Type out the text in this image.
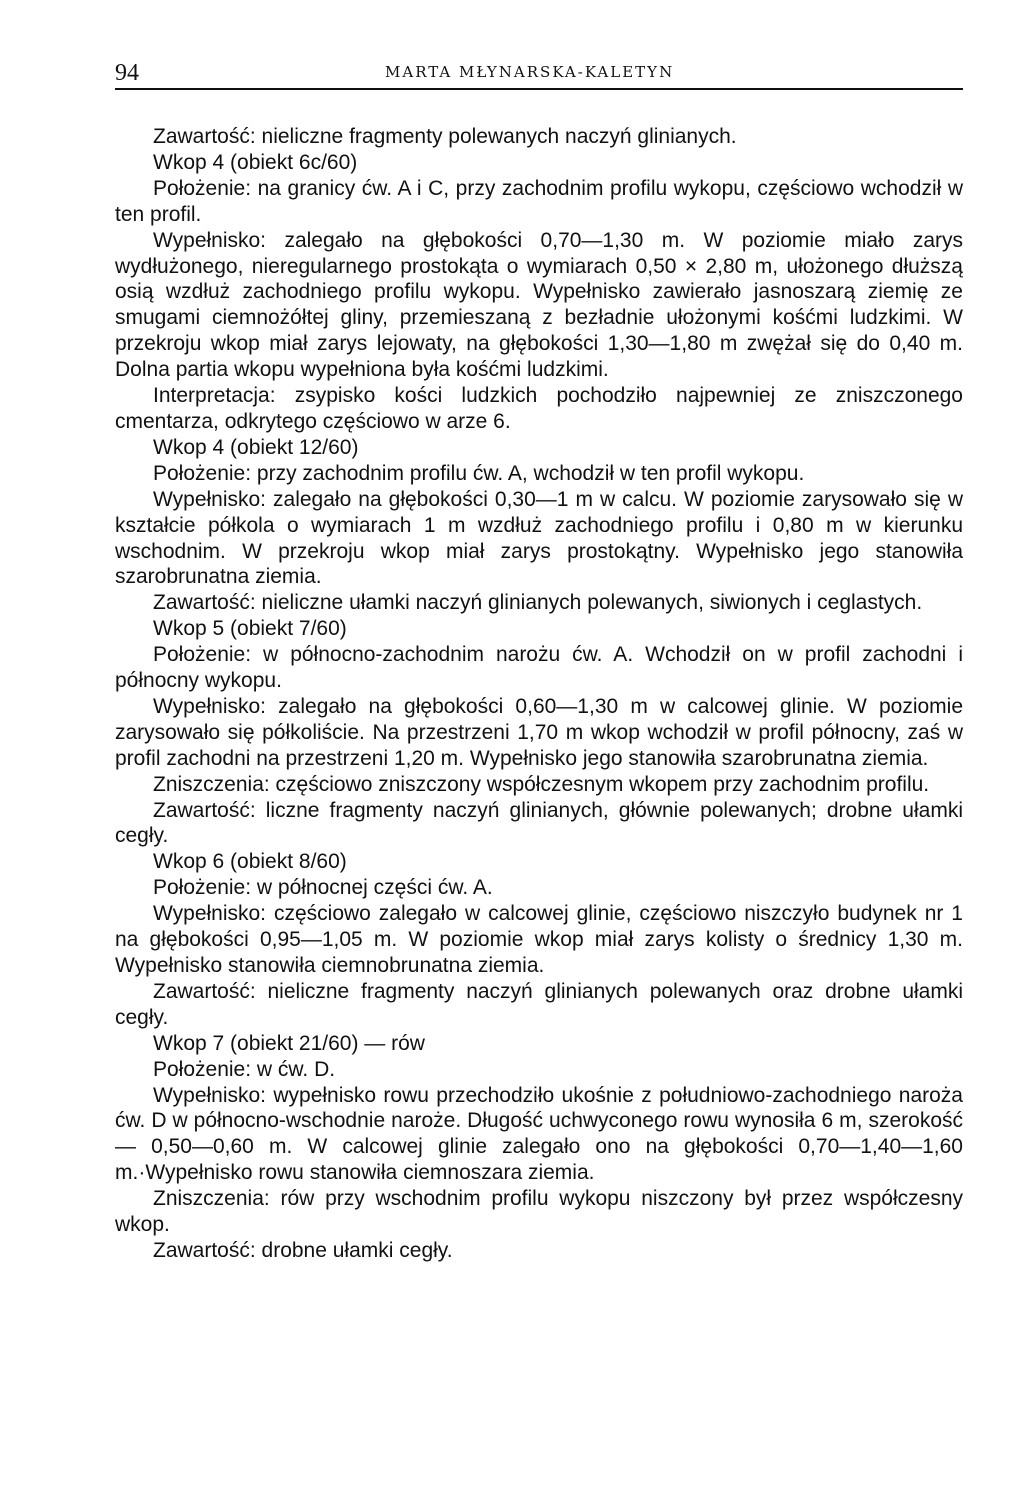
94	MARTA MŁYNARSKA-KALETYN

Zawartość: nieliczne fragmenty polewanych naczyń glinianych.

Wkop 4 (obiekt 6c/60)

Położenie: na granicy ćw. A i C, przy zachodnim profilu wykopu, częściowo wchodził w ten profil.

Wypełnisko: zalegało na głębokości 0,70—1,30 m. W poziomie miało zarys wydłużonego, nieregularnego prostokąta o wymiarach 0,50 × 2,80 m, ułożonego dłuższą osią wzdłuż zachodniego profilu wykopu. Wypełnisko zawierało jasnoszarą ziemię ze smugami ciemnożółtej gliny, przemieszaną z bezładnie ułożonymi kośćmi ludzkimi. W przekroju wkop miał zarys lejowaty, na głębokości 1,30—1,80 m zwężał się do 0,40 m. Dolna partia wkopu wypełniona była kośćmi ludzkimi.

Interpretacja: zsypisko kości ludzkich pochodziło najpewniej ze zniszczonego cmentarza, odkrytego częściowo w arze 6.

Wkop 4 (obiekt 12/60)

Położenie: przy zachodnim profilu ćw. A, wchodził w ten profil wykopu.

Wypełnisko: zalegało na głębokości 0,30—1 m w calcu. W poziomie zarysowało się w kształcie półkola o wymiarach 1 m wzdłuż zachodniego profilu i 0,80 m w kierunku wschodnim. W przekroju wkop miał zarys prostokątny. Wypełnisko jego stanowiła szarobrunatna ziemia.

Zawartość: nieliczne ułamki naczyń glinianych polewanych, siwionych i ceglastych.

Wkop 5 (obiekt 7/60)

Położenie: w północno-zachodnim narożu ćw. A. Wchodził on w profil zachodni i północny wykopu.

Wypełnisko: zalegało na głębokości 0,60—1,30 m w calcowej glinie. W poziomie zarysowało się półkoliście. Na przestrzeni 1,70 m wkop wchodził w profil północny, zaś w profil zachodni na przestrzeni 1,20 m. Wypełnisko jego stanowiła szarobrunatna ziemia.

Zniszczenia: częściowo zniszczony współczesnym wkopem przy zachodnim profilu.

Zawartość: liczne fragmenty naczyń glinianych, głównie polewanych; drobne ułamki cegły.

Wkop 6 (obiekt 8/60)

Położenie: w północnej części ćw. A.

Wypełnisko: częściowo zalegało w calcowej glinie, częściowo niszczyło budynek nr 1 na głębokości 0,95—1,05 m. W poziomie wkop miał zarys kolisty o średnicy 1,30 m. Wypełnisko stanowiła ciemnobrunatna ziemia.

Zawartość: nieliczne fragmenty naczyń glinianych polewanych oraz drobne ułamki cegły.

Wkop 7 (obiekt 21/60) — rów

Położenie: w ćw. D.

Wypełnisko: wypełnisko rowu przechodziło ukośnie z południowo-zachodniego naroża ćw. D w północno-wschodnie naroże. Długość uchwyconego rowu wynosiła 6 m, szerokość — 0,50—0,60 m. W calcowej glinie zalegało ono na głębokości 0,70—1,40—1,60 m.·Wypełnisko rowu stanowiła ciemnoszara ziemia.

Zniszczenia: rów przy wschodnim profilu wykopu niszczony był przez współczesny wkop.

Zawartość: drobne ułamki cegły.
